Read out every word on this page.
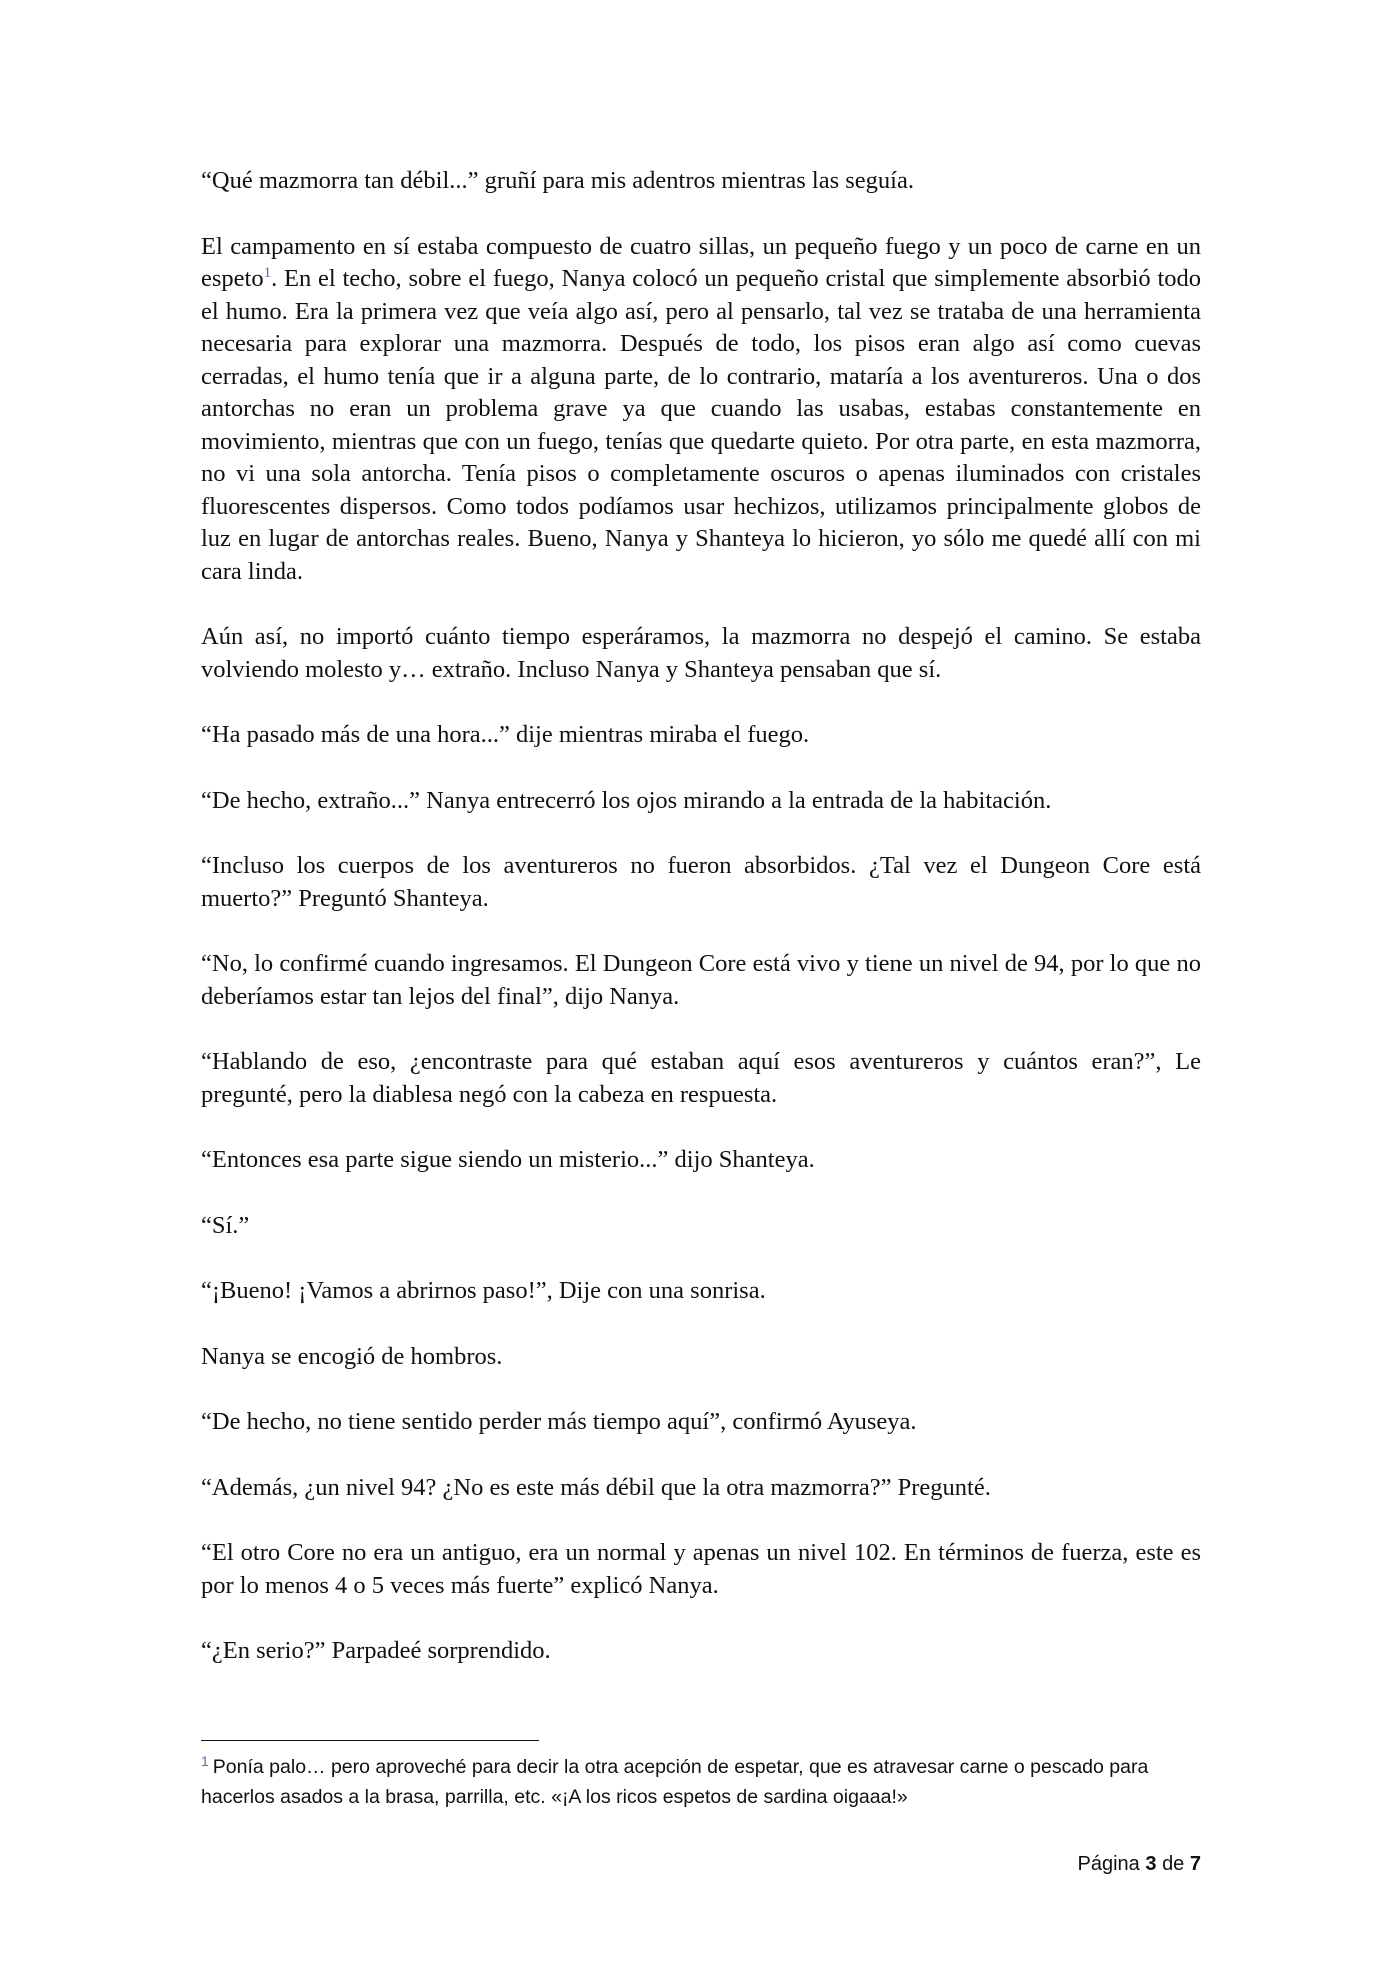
“Qué mazmorra tan débil...” gruñí para mis adentros mientras las seguía.

El campamento en sí estaba compuesto de cuatro sillas, un pequeño fuego y un poco de carne en un espeto$^1$. En el techo, sobre el fuego, Nanya colocó un pequeño cristal que simplemente absorbió todo el humo. Era la primera vez que veía algo así, pero al pensarlo, tal vez se trataba de una herramienta necesaria para explorar una mazmorra. Después de todo, los pisos eran algo así como cuevas cerradas, el humo tenía que ir a alguna parte, de lo contrario, mataría a los aventureros. Una o dos antorchas no eran un problema grave ya que cuando las usabas, estabas constantemente en movimiento, mientras que con un fuego, tenías que quedarte quieto. Por otra parte, en esta mazmorra, no vi una sola antorcha. Tenía pisos o completamente oscuros o apenas iluminados con cristales fluorescentes dispersos. Como todos podíamos usar hechizos, utilizamos principalmente globos de luz en lugar de antorchas reales. Bueno, Nanya y Shanteya lo hicieron, yo sólo me quedé allí con mi cara linda.

Aún así, no importó cuánto tiempo esperáramos, la mazmorra no despejó el camino. Se estaba volviendo molesto y… extraño. Incluso Nanya y Shanteya pensaban que sí.

“Ha pasado más de una hora...” dije mientras miraba el fuego.

“De hecho, extraño...” Nanya entrecerró los ojos mirando a la entrada de la habitación.

“Incluso los cuerpos de los aventureros no fueron absorbidos. ¿Tal vez el Dungeon Core está muerto?” Preguntó Shanteya.

“No, lo confirmé cuando ingresamos. El Dungeon Core está vivo y tiene un nivel de 94, por lo que no deberíamos estar tan lejos del final”, dijo Nanya.

“Hablando de eso, ¿encontraste para qué estaban aquí esos aventureros y cuántos eran?”, Le pregunté, pero la diablesa negó con la cabeza en respuesta.

“Entonces esa parte sigue siendo un misterio...” dijo Shanteya.

“Sí.”

“¡Bueno! ¡Vamos a abrirnos paso!”, Dije con una sonrisa.

Nanya se encogió de hombros.

“De hecho, no tiene sentido perder más tiempo aquí”, confirmó Ayuseya.

“Además, ¿un nivel 94? ¿No es este más débil que la otra mazmorra?” Pregunté.

“El otro Core no era un antiguo, era un normal y apenas un nivel 102. En términos de fuerza, este es por lo menos 4 o 5 veces más fuerte” explicó Nanya.

“¿En serio?” Parpadeé sorprendido.

$^1$ Ponía palo… pero aproveché para decir la otra acepción de espetar, que es atravesar carne o pescado para hacerlos asados a la brasa, parrilla, etc. «¡A los ricos espetos de sardina oigaaa!»
Página 3 de 7
